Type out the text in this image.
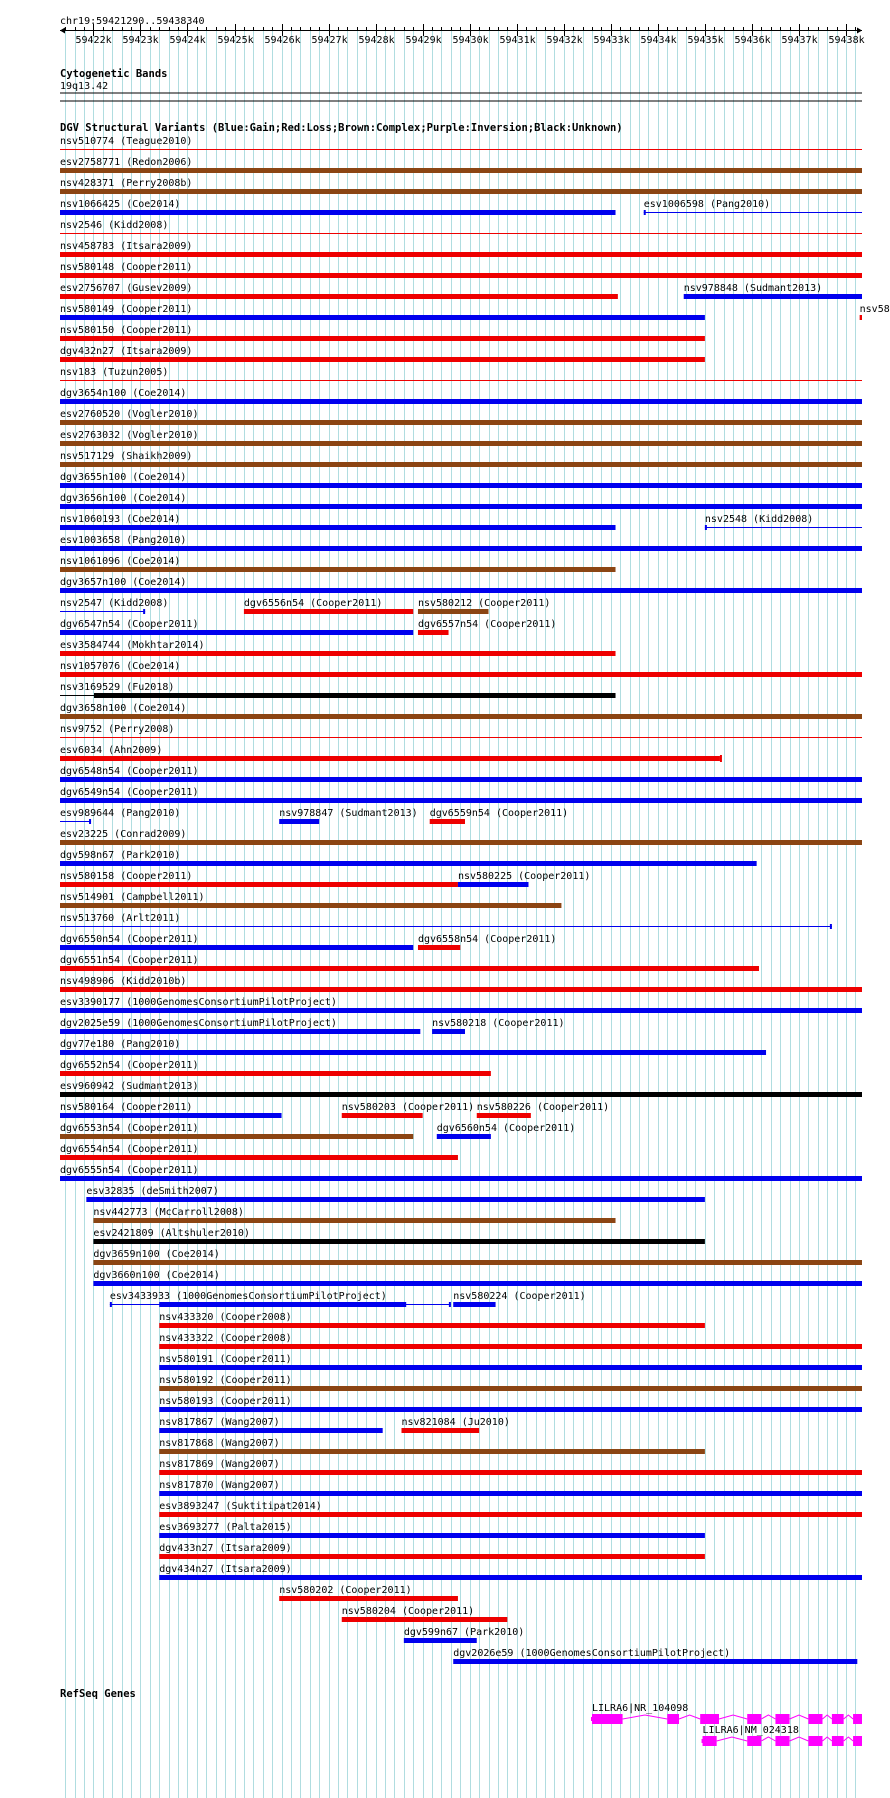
chr19:59421290..59438340
59422k 59423k 59424k 59425k 59426k 59427k 59428k 59429k 59430k 59431k 59432k 59433k 59434k 59435k 59436k 59437k 59438k
Cytogenetic Bands
19q13.42
DGV Structural Variants (Blue:Gain;Red:Loss;Brown:Complex;Purple:Inversion;Black:Unknown)
nsv510774 (Teague2010)
esv2758771 (Redon2006)
nsv428371 (Perry2008b)
nsv1066425 (Coe2014)	esv1006598 (Pang2010)
nsv2546 (Kidd2008)
nsv458783 (Itsara2009)
nsv580148 (Cooper2011)
esv2756707 (Gusev2009)	nsv978848 (Sudmant2013)
nsv580149 (Cooper2011)	nsv58
nsv580150 (Cooper2011)
dgv432n27 (Itsara2009)
nsv183 (Tuzun2005)
dgv3654n100 (Coe2014)
esv2760520 (Vogler2010)
esv2763032 (Vogler2010)
nsv517129 (Shaikh2009)
dgv3655n100 (Coe2014)
dgv3656n100 (Coe2014)
nsv1060193 (Coe2014)	nsv2548 (Kidd2008)
esv1003658 (Pang2010)
nsv1061096 (Coe2014)
dgv3657n100 (Coe2014)
nsv2547 (Kidd2008)	dgv6556n54 (Cooper2011)	nsv580212 (Cooper2011)
dgv6547n54 (Cooper2011)	dgv6557n54 (Cooper2011)
esv3584744 (Mokhtar2014)
nsv1057076 (Coe2014)
nsv3169529 (Fu2018)
dgv3658n100 (Coe2014)
nsv9752 (Perry2008)
esv6034 (Ahn2009)
dgv6548n54 (Cooper2011)
dgv6549n54 (Cooper2011)
esv989644 (Pang2010)	nsv978847 (Sudmant2013) dgv6559n54 (Cooper2011)
esv23225 (Conrad2009)
dgv598n67 (Park2010)
nsv580158 (Cooper2011)	nsv580225 (Cooper2011)
nsv514901 (Campbell2011)
nsv513760 (Arlt2011)
dgv6550n54 (Cooper2011)	dgv6558n54 (Cooper2011)
dgv6551n54 (Cooper2011)
nsv498906 (Kidd2010b)
esv3390177 (1000GenomesConsortiumPilotProject)
dgv2025e59 (1000GenomesConsortiumPilotProject)	nsv580218 (Cooper2011)
dgv77e180 (Pang2010)
dgv6552n54 (Cooper2011)
esv960942 (Sudmant2013)
nsv580164 (Cooper2011)	nsv580203 (Cooper2011) nsv580226 (Cooper2011)
dgv6553n54 (Cooper2011)	dgv6560n54 (Cooper2011)
dgv6554n54 (Cooper2011)
dgv6555n54 (Cooper2011)
esv32835 (deSmith2007)
nsv442773 (McCarroll2008)
esv2421809 (Altshuler2010)
dgv3659n100 (Coe2014)
dgv3660n100 (Coe2014)
esv3433933 (1000GenomesConsortiumPilotProject)	nsv580224 (Cooper2011)
nsv433320 (Cooper2008)
nsv433322 (Cooper2008)
nsv580191 (Cooper2011)
nsv580192 (Cooper2011)
nsv580193 (Cooper2011)
nsv817867 (Wang2007)	nsv821084 (Ju2010)
nsv817868 (Wang2007)
nsv817869 (Wang2007)
nsv817870 (Wang2007)
esv3893247 (Suktitipat2014)
esv3693277 (Palta2015)
dgv433n27 (Itsara2009)
dgv434n27 (Itsara2009)
nsv580202 (Cooper2011)
nsv580204 (Cooper2011)
dgv599n67 (Park2010)
dgv2026e59 (1000GenomesConsortiumPilotProject)
RefSeq Genes
LILRA6|NR_104098
LILRA6|NM_024318
